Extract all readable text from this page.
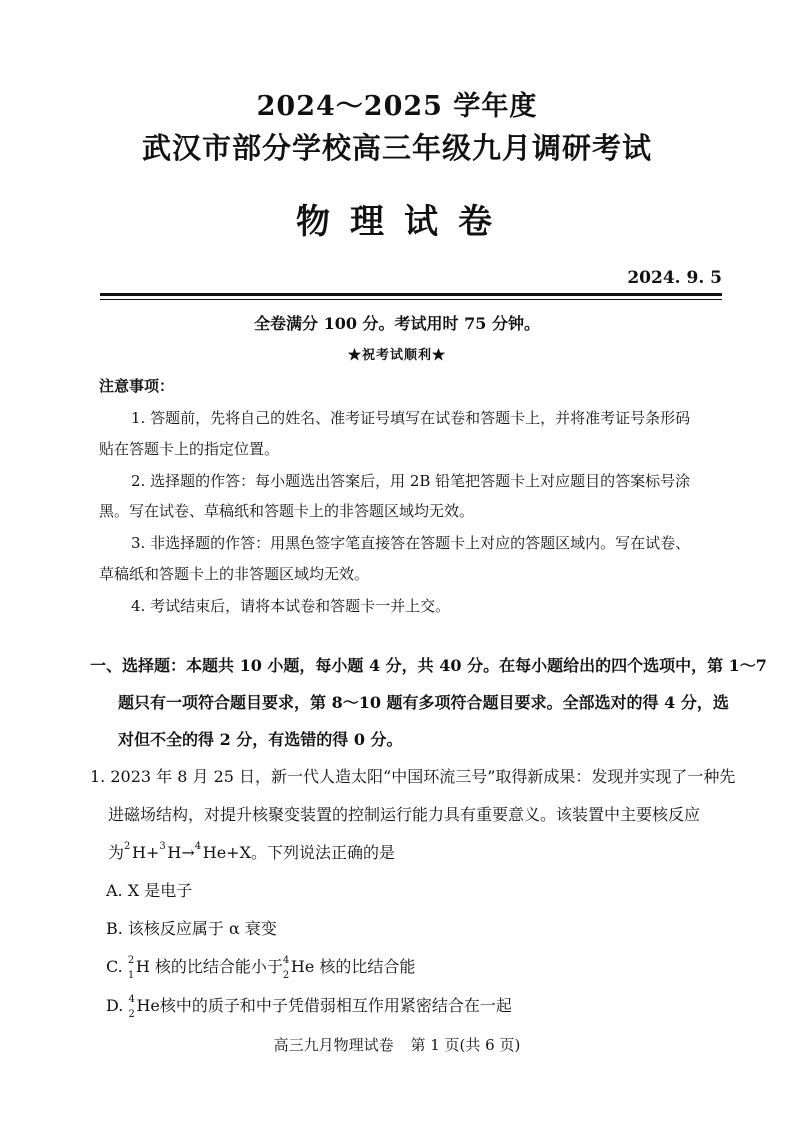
2024～2025 学年度
武汉市部分学校高三年级九月调研考试
物理试卷
2024. 9. 5
全卷满分 100 分。考试用时 75 分钟。
★祝考试顺利★
注意事项：
1. 答题前，先将自己的姓名、准考证号填写在试卷和答题卡上，并将准考证号条形码
贴在答题卡上的指定位置。
2. 选择题的作答：每小题选出答案后，用 2B 铅笔把答题卡上对应题目的答案标号涂
黑。写在试卷、草稿纸和答题卡上的非答题区域均无效。
3. 非选择题的作答：用黑色签字笔直接答在答题卡上对应的答题区域内。写在试卷、
草稿纸和答题卡上的非答题区域均无效。
4. 考试结束后，请将本试卷和答题卡一并上交。
一、选择题：本题共 10 小题，每小题 4 分，共 40 分。在每小题给出的四个选项中，第 1～7
题只有一项符合题目要求，第 8～10 题有多项符合题目要求。全部选对的得 4 分，选
对但不全的得 2 分，有选错的得 0 分。
1. 2023 年 8 月 25 日，新一代人造太阳“中国环流三号”取得新成果：发现并实现了一种先
进磁场结构，对提升核聚变装置的控制运行能力具有重要意义。该装置中主要核反应
为 2 H+ 3 H→ 4 He+X。下列说法正确的是
A. X 是电子
B. 该核反应属于 α 衰变
C. 2
1 H 核的比结合能小于 4
2 He 核的比结合能
D. 4
2 He核中的质子和中子凭借弱相互作用紧密结合在一起
高三九月物理试卷 第 1 页(共 6 页)
